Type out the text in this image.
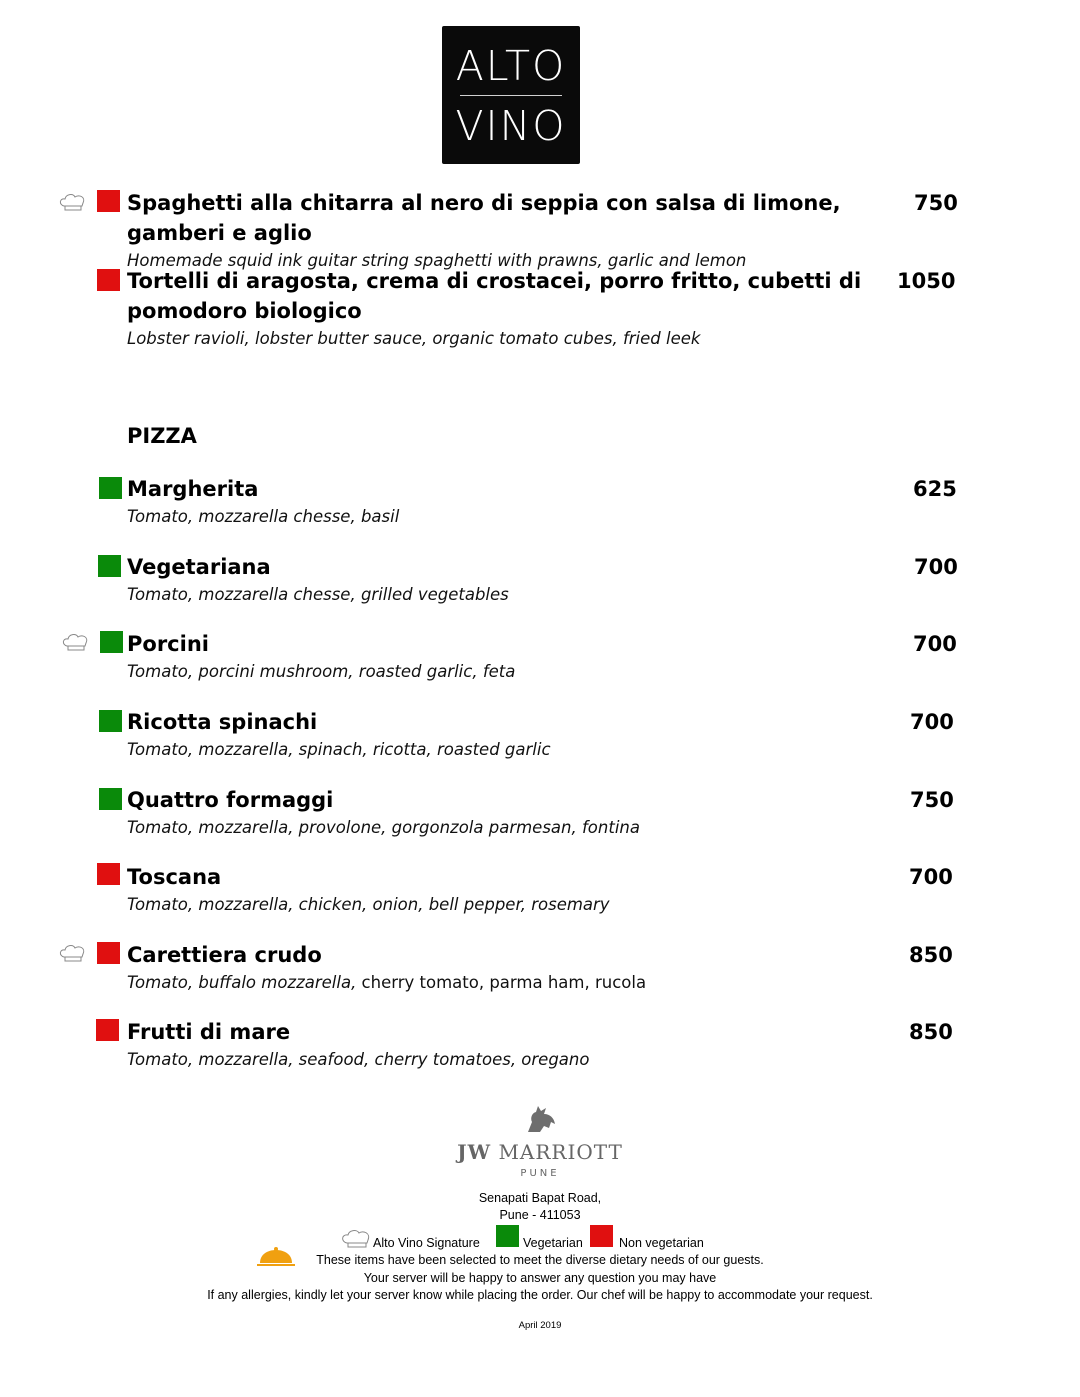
ALTO
VINO
Spaghetti alla chitarra al nero di seppia con salsa di limone, gamberi e aglio
750
Homemade squid ink guitar string spaghetti with prawns, garlic and lemon
Tortelli di aragosta, crema di crostacei, porro fritto, cubetti di pomodoro biologico
1050
Lobster ravioli, lobster butter sauce, organic tomato cubes, fried leek
PIZZA
Margherita	625
Tomato, mozzarella chesse, basil
Vegetariana	700
Tomato, mozzarella chesse, grilled vegetables
Porcini	700
Tomato, porcini mushroom, roasted garlic, feta
Ricotta spinachi	700
Tomato, mozzarella, spinach, ricotta, roasted garlic
Quattro formaggi	750
Tomato, mozzarella, provolone, gorgonzola parmesan, fontina
Toscana	700
Tomato, mozzarella, chicken, onion, bell pepper, rosemary
Carettiera crudo	850
Tomato, buffalo mozzarella, cherry tomato, parma ham, rucola
Frutti di mare	850
Tomato, mozzarella, seafood, cherry tomatoes, oregano
JW MARRIOTT
PUNE
Senapati Bapat Road,
Pune - 411053
Alto Vino Signature	Vegetarian	Non vegetarian
These items have been selected to meet the diverse dietary needs of our guests.
Your server will be happy to answer any question you may have
If any allergies, kindly let your server know while placing the order. Our chef will be happy to accommodate your request.
April 2019
